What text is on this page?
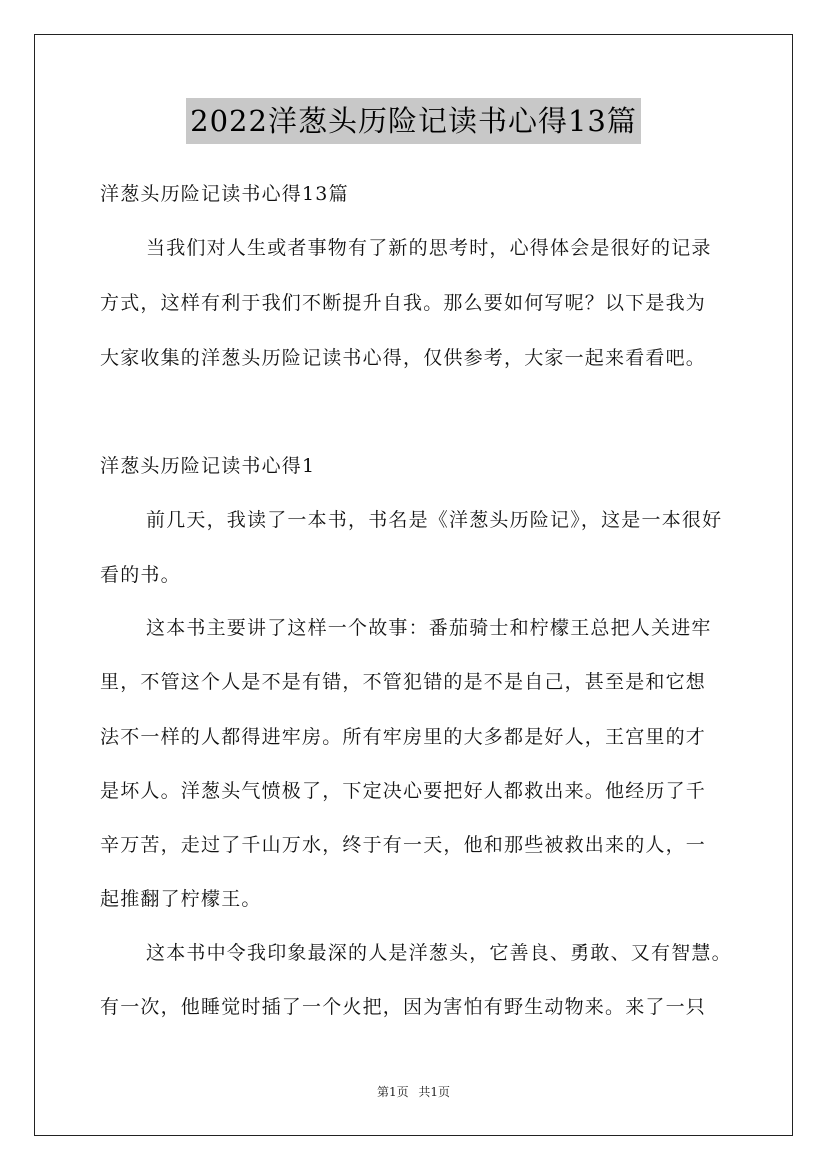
2022洋葱头历险记读书心得13篇
洋葱头历险记读书心得13篇
当我们对人生或者事物有了新的思考时，心得体会是很好的记录
方式，这样有利于我们不断提升自我。那么要如何写呢？以下是我为
大家收集的洋葱头历险记读书心得，仅供参考，大家一起来看看吧。
洋葱头历险记读书心得1
前几天，我读了一本书，书名是《洋葱头历险记》，这是一本很好
看的书。
这本书主要讲了这样一个故事：番茄骑士和柠檬王总把人关进牢
里，不管这个人是不是有错，不管犯错的是不是自己，甚至是和它想
法不一样的人都得进牢房。所有牢房里的大多都是好人，王宫里的才
是坏人。洋葱头气愤极了，下定决心要把好人都救出来。他经历了千
辛万苦，走过了千山万水，终于有一天，他和那些被救出来的人，一
起推翻了柠檬王。
这本书中令我印象最深的人是洋葱头，它善良、勇敢、又有智慧。
有一次，他睡觉时插了一个火把，因为害怕有野生动物来。来了一只
第1页 共1页
